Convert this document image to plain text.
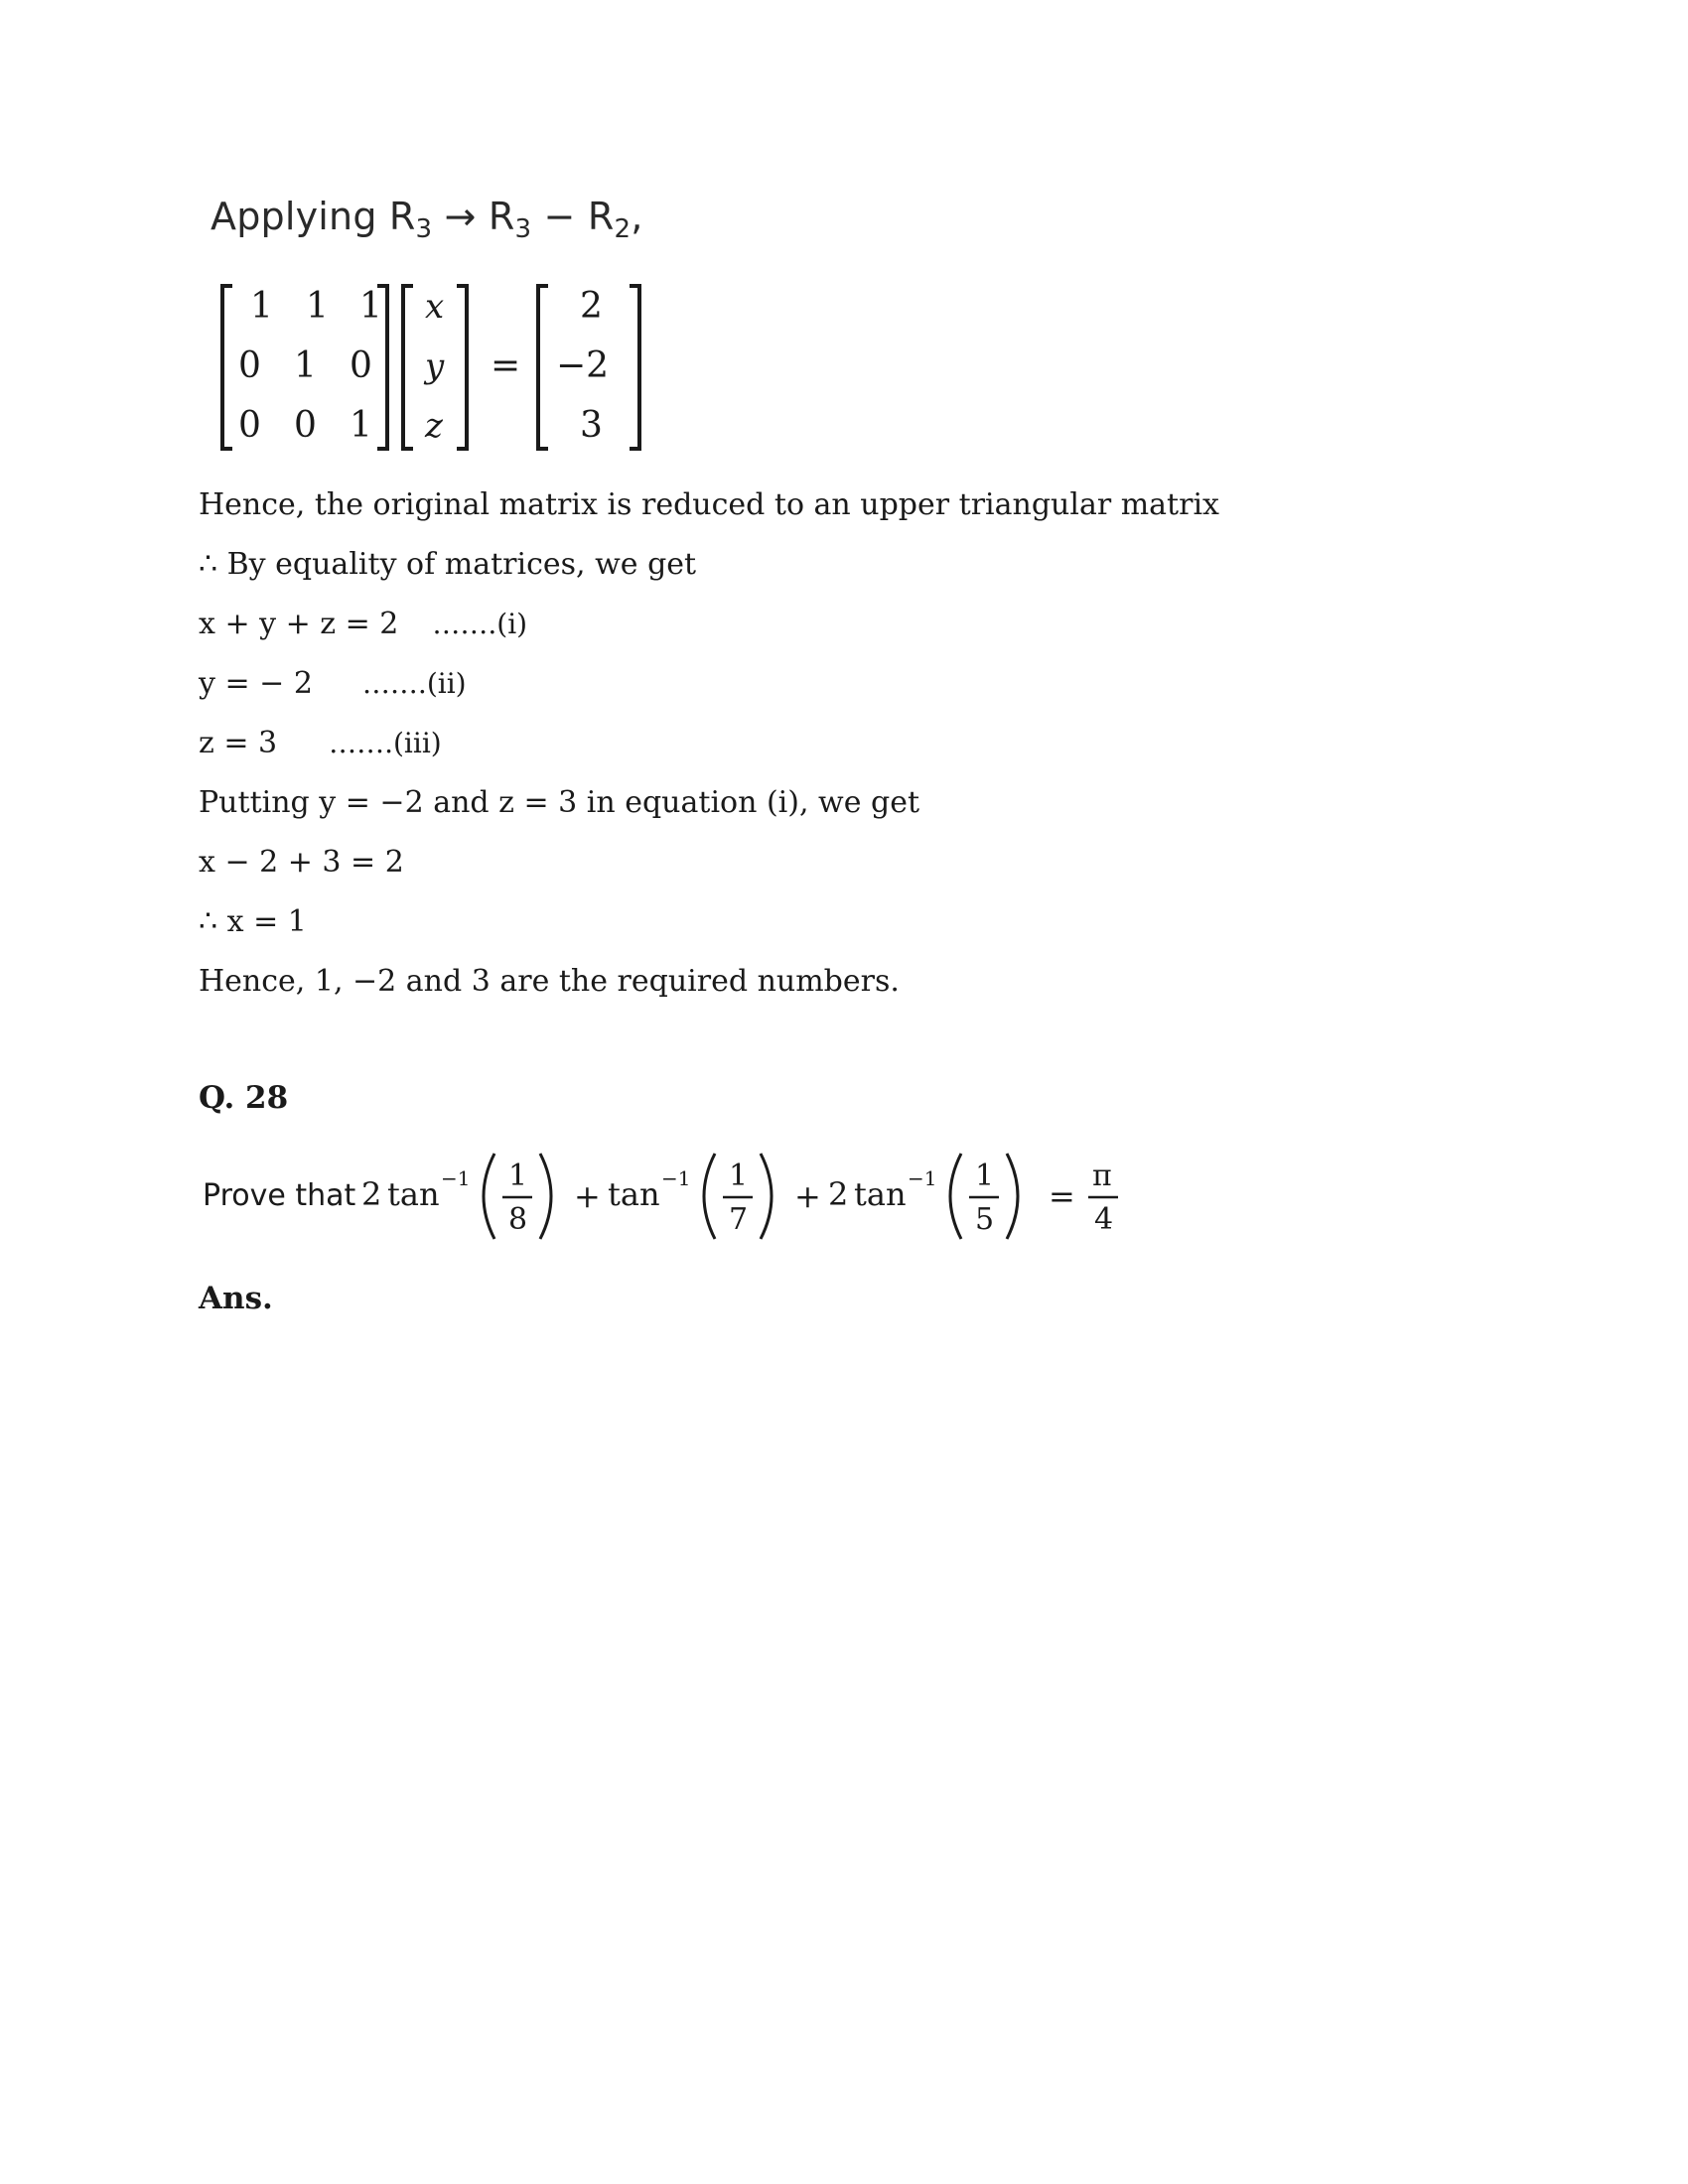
Applying $R_3 \to R_3 - R_2$,
1 1 1
0 1 0
0 0 1
x
y
z
=
2
−2
3
Hence, the original matrix is reduced to an upper triangular matrix
∴ By equality of matrices, we get
x + y + z = 2 …….(i)
y = − 2 …….(ii)
z = 3 …….(iii)
Putting y = −2 and z = 3 in equation (i), we get
x − 2 + 3 = 2
∴ x = 1
Hence, 1, −2 and 3 are the required numbers.
Q. 28
Prove that 2 tan −1 1
8
+ tan −1 1
7
+ 2 tan −1 1
5
=
π
4
Ans.
